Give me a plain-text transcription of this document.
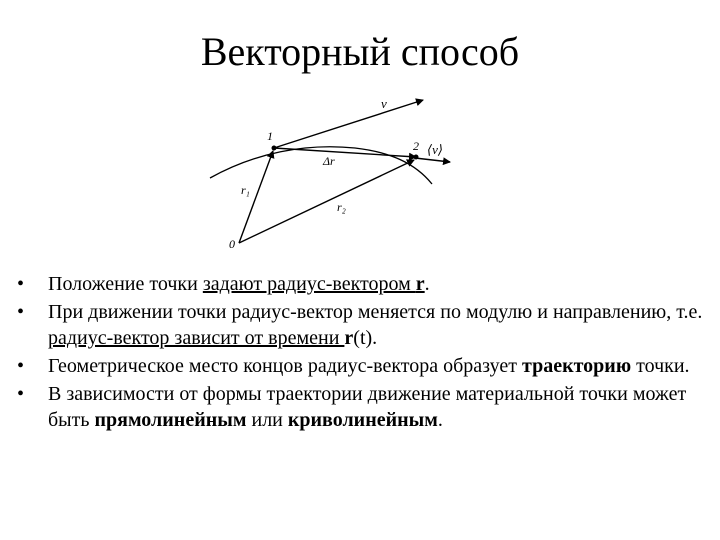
Векторный способ
v
⟨v⟩
1
2
Δr
r₁
r₂
0
• Положение точки задают радиус-вектором r.
• При движении точки радиус-вектор меняется по модулю и направлению, т.е. радиус-вектор зависит от времени r(t).
• Геометрическое место концов радиус-вектора образует траекторию точки.
• В зависимости от формы траектории движение материальной точки может быть прямолинейным или криволинейным.
